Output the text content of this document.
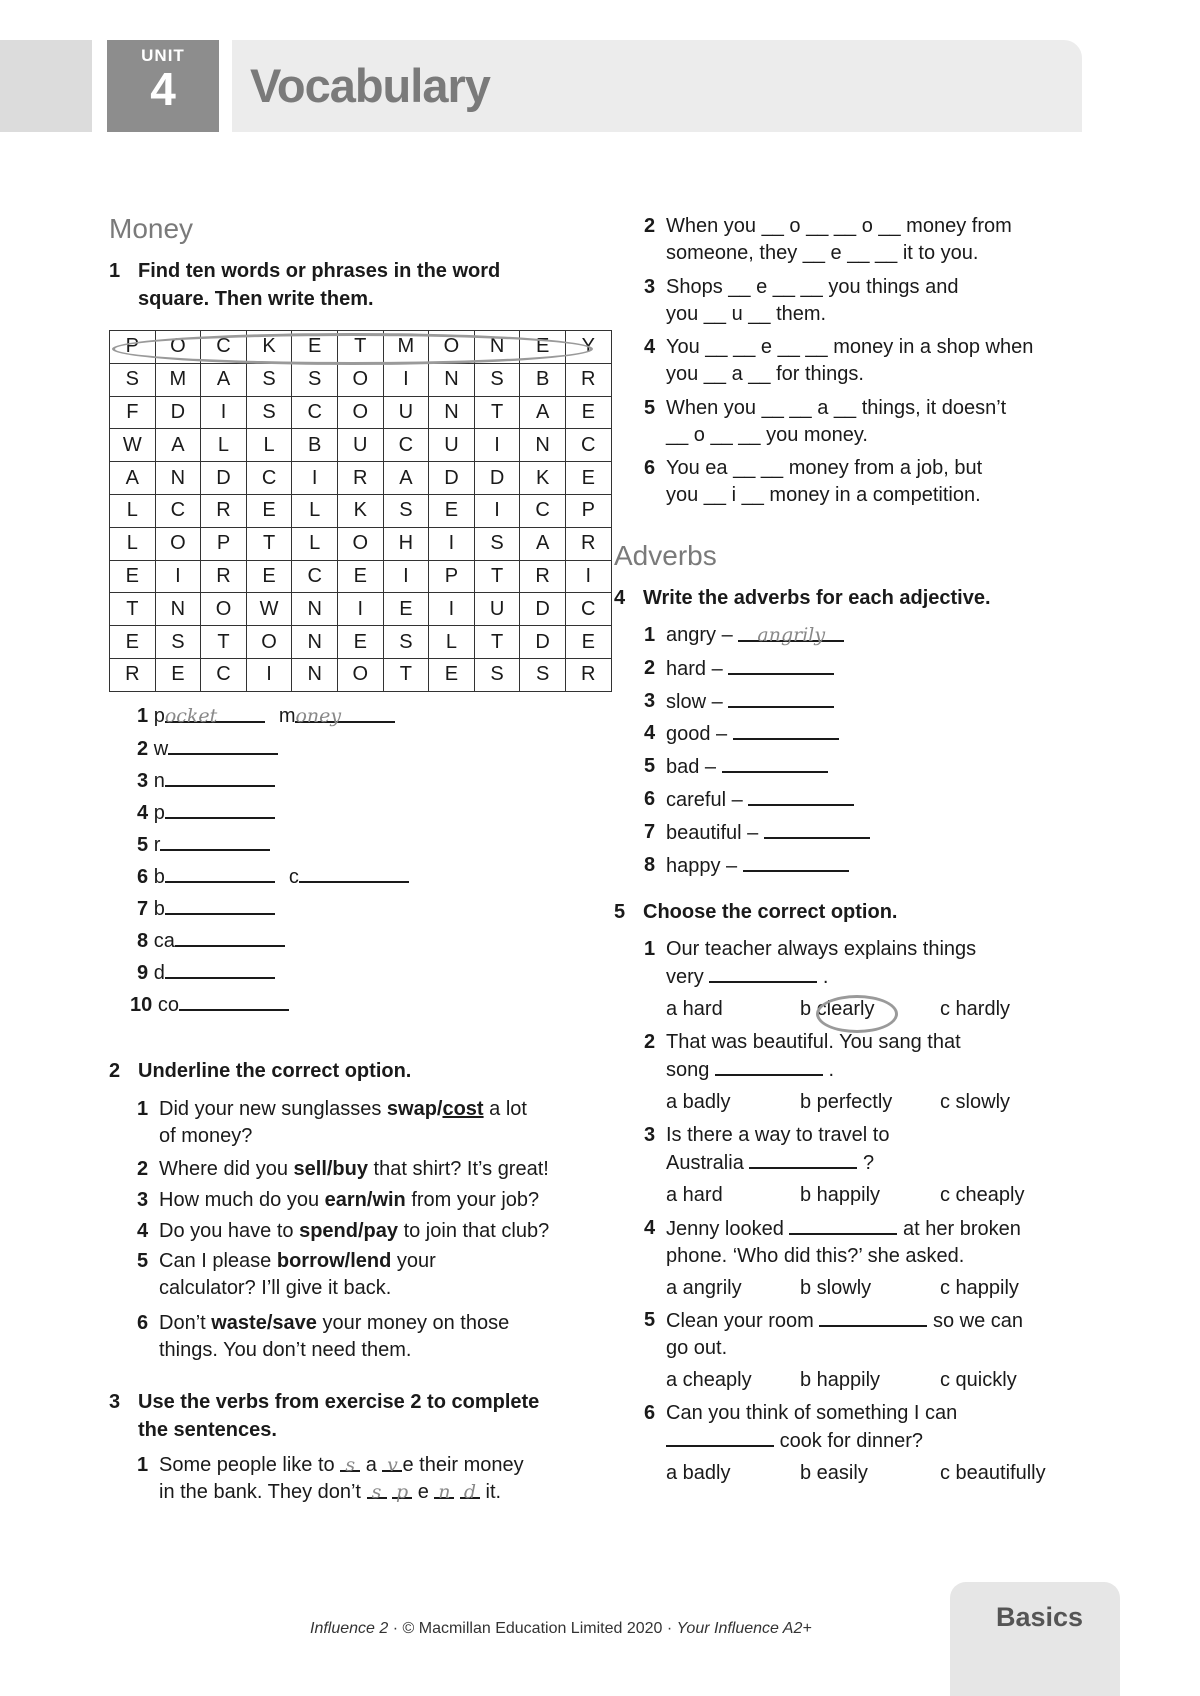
UNIT
4	Vocabulary
Money
1 Find ten words or phrases in the word
square. Then write them.
P	O	C	K	E	T	M	O	N	E	Y
S	M	A	S	S	O	I	N	S	B	R
F	D	I	S	C	O	U	N	T	A	E
W	A	L	L	B	U	C	U	I	N	C
A	N	D	C	I	R	A	D	D	K	E
L	C	R	E	L	K	S	E	I	C	P
L	O	P	T	L	O	H	I	S	A	R
E	I	R	E	C	E	I	P	T	R	I
T	N	O	W	N	I	E	I	U	D	C
E	S	T	O	N	E	S	L	T	D	E
R	E	C	I	N	O	T	E	S	S	R
1 pocket	money
2 w
3 n
4 p
5 r
6 b	c
7 b
8 ca
9 d
10 co
2 Underline the correct option.
1 Did your new sunglasses swap/cost a lot
of money?
2 Where did you sell/buy that shirt? It’s great!
3 How much do you earn/win from your job?
4 Do you have to spend/pay to join that club?
5 Can I please borrow/lend your
calculator? I’ll give it back.
6 Don’t waste/save your money on those
things. You don’t need them.
3 Use the verbs from exercise 2 to complete
the sentences.
1 Some people like to s a v e their money
in the bank. They don’t s p e n d it.
2 When you __ o __ __ o __ money from
someone, they __ e __ __ it to you.
3 Shops __ e __ __ you things and
you __ u __ them.
4 You __ __ e __ __ money in a shop when
you __ a __ for things.
5 When you __ __ a __ things, it doesn’t
__ o __ __ you money.
6 You ea __ __ money from a job, but
you __ i __ money in a competition.
Adverbs
4 Write the adverbs for each adjective.
1 angry – angrily
2 hard –
3 slow –
4 good –
5 bad –
6 careful –
7 beautiful –
8 happy –
5 Choose the correct option.
1 Our teacher always explains things
very	.
a hard	b clearly	c hardly
2 That was beautiful. You sang that
song	.
a badly	b perfectly c slowly
3 Is there a way to travel to
Australia	?
a hard	b happily	c cheaply
4 Jenny looked	at her broken
phone. ‘Who did this?’ she asked.
a angrily	b slowly	c happily
5 Clean your room	so we can
go out.
a cheaply b happily	c quickly
6 Can you think of something I can
cook for dinner?
a badly	b easily	c beautifully
Influence 2 · © Macmillan Education Limited 2020 · Your Influence A2+	Basics
